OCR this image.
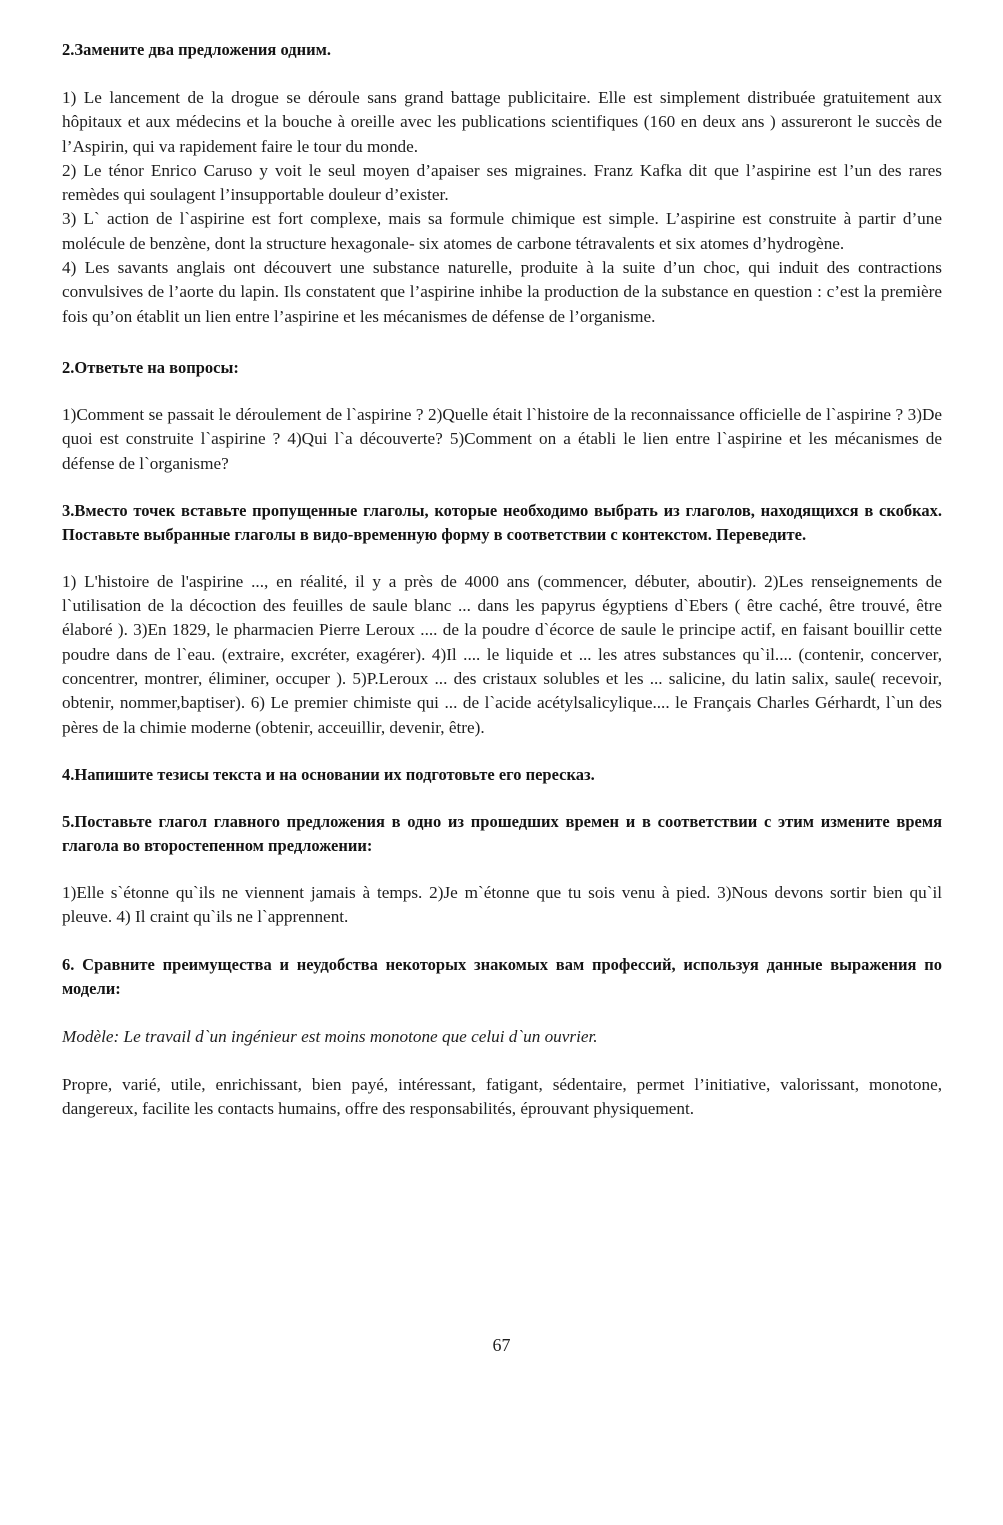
2.Замените два предложения одним.

1) Le lancement de la drogue se déroule sans grand battage publicitaire. Elle est simplement distribuée gratuitement aux hôpitaux et aux médecins et la bouche à oreille avec les publications scientifiques (160 en deux ans ) assureront le succès de l’Aspirin, qui va rapidement faire le tour du monde.

2) Le ténor Enrico Caruso y voit le seul moyen d’apaiser ses migraines. Franz Kafka dit que l’aspirine est l’un des rares remèdes qui soulagent l’insupportable douleur d’exister.

3) L` action de l`aspirine est fort complexe, mais sa formule chimique est simple. L’aspirine est construite à partir d’une molécule de benzène, dont la structure hexagonale- six atomes de carbone tétravalents et six atomes d’hydrogène.

4) Les savants anglais ont découvert une substance naturelle, produite à la suite d’un choc, qui induit des contractions convulsives de l’aorte du lapin. Ils constatent que l’aspirine inhibe la production de la substance en question : c’est la première fois qu’on établit un lien entre l’aspirine et les mécanismes de défense de l’organisme.

2.Ответьте на вопросы:

1)Comment se passait le déroulement de l`aspirine ? 2)Quelle était l`histoire de la reconnaissance officielle de l`aspirine ? 3)De quoi est construite l`aspirine ? 4)Qui l`a découverte? 5)Comment on a établi le lien entre l`aspirine et les mécanismes de défense de l`organisme?

3.Вместо точек вставьте пропущенные глаголы, которые необходимо выбрать из глаголов, находящихся в скобках. Поставьте выбранные глаголы в видо-временную форму в соответствии с контекстом. Переведите.

1) L'histoire de l'aspirine ..., en réalité, il y a près de 4000 ans (commencer, débuter, aboutir). 2)Les renseignements de l`utilisation de la décoction des feuilles de saule blanc ... dans les papyrus égyptiens d`Ebers ( être caché, être trouvé, être élaboré ). 3)En 1829, le pharmacien Pierre Leroux .... de la poudre d`écorce de saule le principe actif, en faisant bouillir cette poudre dans de l`eau. (extraire, excréter, exagérer). 4)Il .... le liquide et ... les atres substances qu`il.... (contenir, concerver, concentrer, montrer, éliminer, occuper ). 5)P.Leroux ... des cristaux solubles et les ... salicine, du latin salix, saule( recevoir, obtenir, nommer,baptiser). 6) Le premier chimiste qui ... de l`acide acétylsalicylique.... le Français Charles Gérhardt, l`un des pères de la chimie moderne (obtenir, acceuillir, devenir, être).

4.Напишите тезисы текста и на основании их подготовьте его пересказ.

5.Поставьте глагол главного предложения в одно из прошедших времен и в соответствии с этим измените время глагола во второстепенном предложении:

1)Elle s`étonne qu`ils ne viennent jamais à temps. 2)Je m`étonne que tu sois venu à pied. 3)Nous devons sortir bien qu`il pleuve. 4) Il craint qu`ils ne l`apprennent.

6. Сравните преимущества и неудобства некоторых знакомых вам профессий, используя данные выражения по модели:

Modèle: Le travail d`un ingénieur est moins monotone que celui d`un ouvrier.

Propre, varié, utile, enrichissant, bien payé, intéressant, fatigant, sédentaire, permet l’initiative, valorissant, monotone, dangereux, facilite les contacts humains, offre des responsabilités, éprouvant physiquement.

67
